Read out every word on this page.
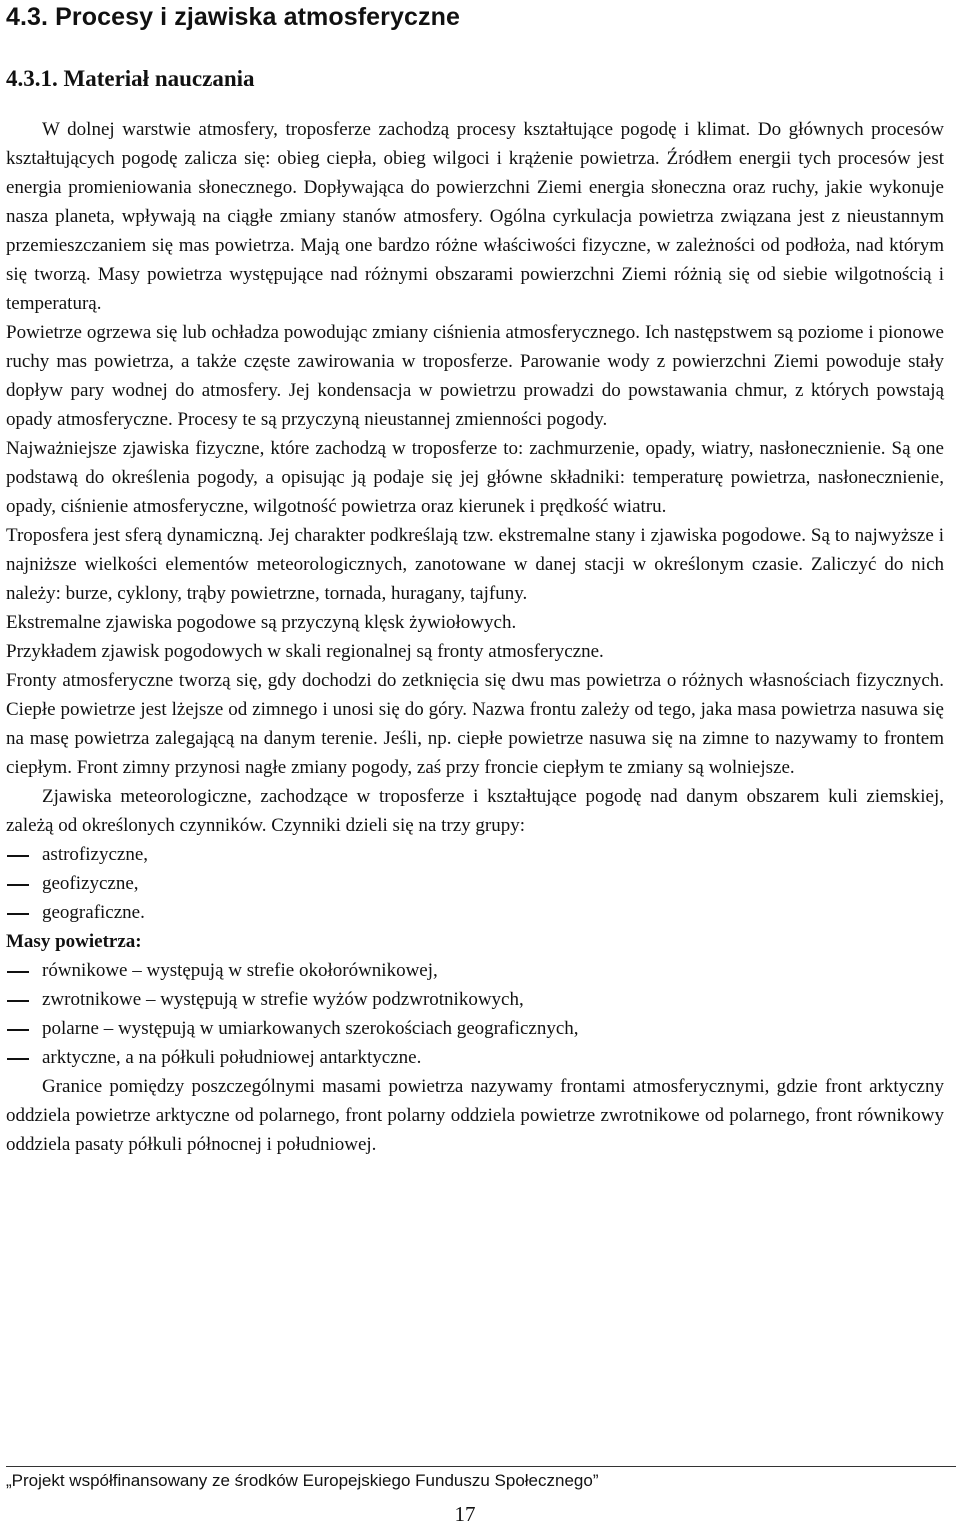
4.3. Procesy i zjawiska atmosferyczne
4.3.1. Materiał nauczania

W dolnej warstwie atmosfery, troposferze zachodzą procesy kształtujące pogodę i klimat. Do głównych procesów kształtujących pogodę zalicza się: obieg ciepła, obieg wilgoci i krążenie powietrza. Źródłem energii tych procesów jest energia promieniowania słonecznego. Dopływająca do powierzchni Ziemi energia słoneczna oraz ruchy, jakie wykonuje nasza planeta, wpływają na ciągłe zmiany stanów atmosfery. Ogólna cyrkulacja powietrza związana jest z nieustannym przemieszczaniem się mas powietrza. Mają one bardzo różne właściwości fizyczne, w zależności od podłoża, nad którym się tworzą. Masy powietrza występujące nad różnymi obszarami powierzchni Ziemi różnią się od siebie wilgotnością i temperaturą.

Powietrze ogrzewa się lub ochładza powodując zmiany ciśnienia atmosferycznego. Ich następstwem są poziome i pionowe ruchy mas powietrza, a także częste zawirowania w troposferze. Parowanie wody z powierzchni Ziemi powoduje stały dopływ pary wodnej do atmosfery. Jej kondensacja w powietrzu prowadzi do powstawania chmur, z których powstają opady atmosferyczne. Procesy te są przyczyną nieustannej zmienności pogody.

Najważniejsze zjawiska fizyczne, które zachodzą w troposferze to: zachmurzenie, opady, wiatry, nasłonecznienie. Są one podstawą do określenia pogody, a opisując ją podaje się jej główne składniki: temperaturę powietrza, nasłonecznienie, opady, ciśnienie atmosferyczne, wilgotność powietrza oraz kierunek i prędkość wiatru.

Troposfera jest sferą dynamiczną. Jej charakter podkreślają tzw. ekstremalne stany i zjawiska pogodowe. Są to najwyższe i najniższe wielkości elementów meteorologicznych, zanotowane w danej stacji w określonym czasie. Zaliczyć do nich należy: burze, cyklony, trąby powietrzne, tornada, huragany, tajfuny.

Ekstremalne zjawiska pogodowe są przyczyną klęsk żywiołowych.

Przykładem zjawisk pogodowych w skali regionalnej są fronty atmosferyczne.

Fronty atmosferyczne tworzą się, gdy dochodzi do zetknięcia się dwu mas powietrza o różnych własnościach fizycznych. Ciepłe powietrze jest lżejsze od zimnego i unosi się do góry. Nazwa frontu zależy od tego, jaka masa powietrza nasuwa się na masę powietrza zalegającą na danym terenie. Jeśli, np. ciepłe powietrze nasuwa się na zimne to nazywamy to frontem ciepłym. Front zimny przynosi nagłe zmiany pogody, zaś przy froncie ciepłym te zmiany są wolniejsze.

Zjawiska meteorologiczne, zachodzące w troposferze i kształtujące pogodę nad danym obszarem kuli ziemskiej, zależą od określonych czynników. Czynniki dzieli się na trzy grupy:

astrofizyczne,
geofizyczne,
geograficzne.

Masy powietrza:

równikowe – występują w strefie okołorównikowej,
zwrotnikowe – występują w strefie wyżów podzwrotnikowych,
polarne – występują w umiarkowanych szerokościach geograficznych,
arktyczne, a na półkuli południowej antarktyczne.

Granice pomiędzy poszczególnymi masami powietrza nazywamy frontami atmosferycznymi, gdzie front arktyczny oddziela powietrze arktyczne od polarnego, front polarny oddziela powietrze zwrotnikowe od polarnego, front równikowy oddziela pasaty półkuli północnej i południowej.

„Projekt współfinansowany ze środków Europejskiego Funduszu Społecznego”
17
